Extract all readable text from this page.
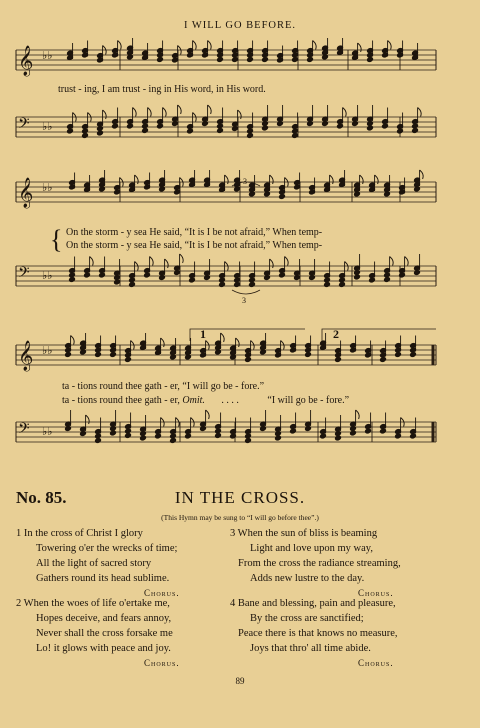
I WILL GO BEFORE.
𝄞 ♭♭
𝄢 ♭♭
𝄞 ♭♭
𝄢 ♭♭
𝄞 ♭♭
𝄢 ♭♭
trust - ing, I am trust - ing in His word, in His word.
3
{ On the storm - y sea He said, “It is I be not afraid,” When temp-
On the storm - y sea He said, “It is I be not afraid,” When temp-
3
1	2
ta - tions round thee gath - er, “I will go be - fore.”
ta - tions round thee gath - er, Omit. . . . .	“I will go be - fore.”
No. 85.	IN THE CROSS.
(This Hymn may be sung to “I will go before thee”.)
1 In the cross of Christ I glory
Towering o'er the wrecks of time;
All the light of sacred story
Gathers round its head sublime.
Chorus.
2 When the woes of life o'ertake me,
Hopes deceive, and fears annoy,
Never shall the cross forsake me
Lo! it glows with peace and joy.
Chorus.
3 When the sun of bliss is beaming
Light and love upon my way,
From the cross the radiance streaming,
Adds new lustre to the day.
Chorus.
4 Bane and blessing, pain and pleasure,
By the cross are sanctified;
Peace there is that knows no measure,
Joys that thro' all time abide.
Chorus.
89
